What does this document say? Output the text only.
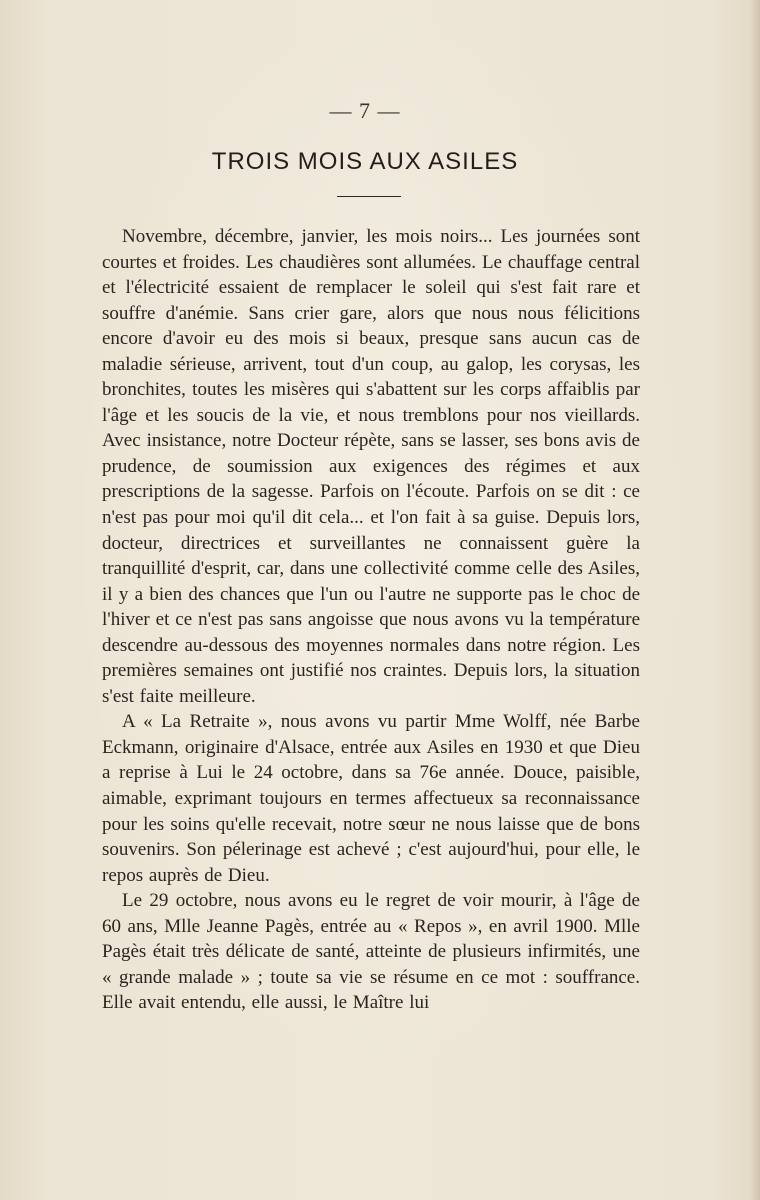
— 7 —
TROIS MOIS AUX ASILES

Novembre, décembre, janvier, les mois noirs... Les journées sont courtes et froides. Les chaudières sont allumées. Le chauffage central et l'électricité essaient de remplacer le soleil qui s'est fait rare et souffre d'anémie. Sans crier gare, alors que nous nous félicitions encore d'avoir eu des mois si beaux, presque sans aucun cas de maladie sérieuse, arrivent, tout d'un coup, au galop, les corysas, les bronchites, toutes les misères qui s'abattent sur les corps affaiblis par l'âge et les soucis de la vie, et nous tremblons pour nos vieillards. Avec insistance, notre Docteur répète, sans se lasser, ses bons avis de prudence, de soumission aux exigences des régimes et aux prescriptions de la sagesse. Parfois on l'écoute. Parfois on se dit : ce n'est pas pour moi qu'il dit cela... et l'on fait à sa guise. Depuis lors, docteur, directrices et surveillantes ne connaissent guère la tranquillité d'esprit, car, dans une collectivité comme celle des Asiles, il y a bien des chances que l'un ou l'autre ne supporte pas le choc de l'hiver et ce n'est pas sans angoisse que nous avons vu la température descendre au-dessous des moyennes normales dans notre région. Les premières semaines ont justifié nos craintes. Depuis lors, la situation s'est faite meilleure.

A « La Retraite », nous avons vu partir Mme Wolff, née Barbe Eckmann, originaire d'Alsace, entrée aux Asiles en 1930 et que Dieu a reprise à Lui le 24 octobre, dans sa 76e année. Douce, paisible, aimable, exprimant toujours en termes affectueux sa reconnaissance pour les soins qu'elle recevait, notre sœur ne nous laisse que de bons souvenirs. Son pélerinage est achevé ; c'est aujourd'hui, pour elle, le repos auprès de Dieu.

Le 29 octobre, nous avons eu le regret de voir mourir, à l'âge de 60 ans, Mlle Jeanne Pagès, entrée au « Repos », en avril 1900. Mlle Pagès était très délicate de santé, atteinte de plusieurs infirmités, une « grande malade » ; toute sa vie se résume en ce mot : souffrance. Elle avait entendu, elle aussi, le Maître lui
